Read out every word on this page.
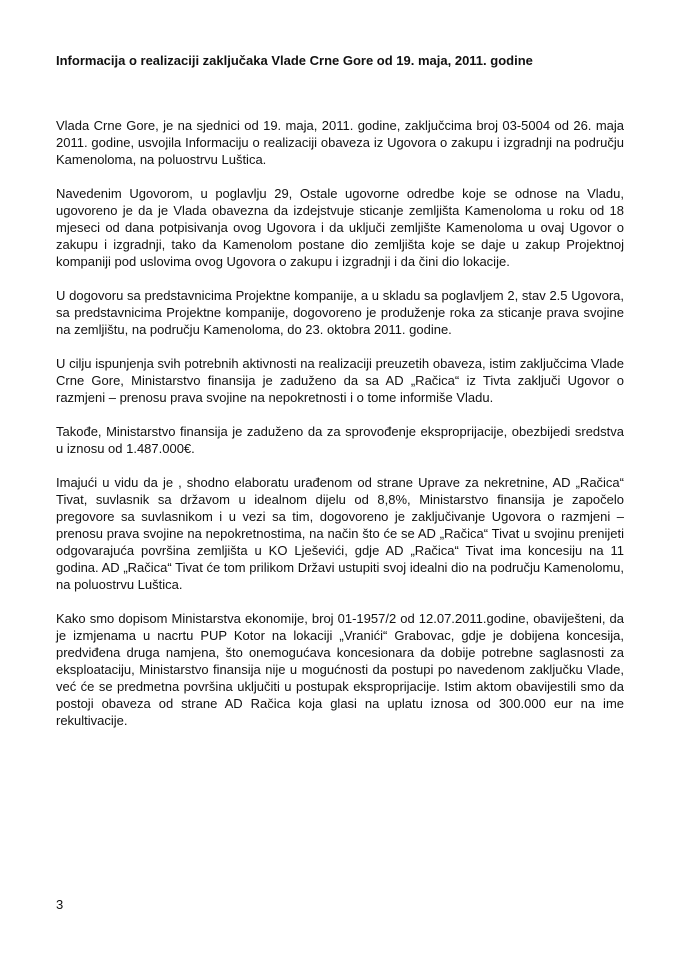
Informacija o realizaciji zaključaka Vlade Crne Gore od 19. maja, 2011. godine

Vlada Crne Gore, je na sjednici od 19. maja, 2011. godine, zaključcima broj 03-5004 od 26. maja 2011. godine, usvojila Informaciju o realizaciji obaveza iz Ugovora o zakupu i izgradnji na području Kamenoloma, na poluostrvu Luštica.

Navedenim Ugovorom, u poglavlju 29, Ostale ugovorne odredbe koje se odnose na Vladu, ugovoreno je da je Vlada obavezna da izdejstvuje sticanje zemljišta Kamenoloma u roku od 18 mjeseci od dana potpisivanja ovog Ugovora i da uključi zemljište Kamenoloma u ovaj Ugovor o zakupu i izgradnji, tako da Kamenolom postane dio zemljišta koje se daje u zakup Projektnoj kompaniji pod uslovima ovog Ugovora o zakupu i izgradnji i da čini dio lokacije.

U dogovoru sa predstavnicima Projektne kompanije, a u skladu sa poglavljem 2, stav 2.5 Ugovora, sa predstavnicima Projektne kompanije, dogovoreno je produženje roka za sticanje prava svojine na zemljištu, na području Kamenoloma, do 23. oktobra 2011. godine.

U cilju ispunjenja svih potrebnih aktivnosti na realizaciji preuzetih obaveza, istim zaključcima Vlade Crne Gore, Ministarstvo finansija je zaduženo da sa AD „Račica“ iz Tivta zaključi Ugovor o razmjeni – prenosu prava svojine na nepokretnosti i o tome informiše Vladu.

Takođe, Ministarstvo finansija je zaduženo da za sprovođenje eksproprijacije, obezbijedi sredstva u iznosu od 1.487.000€.

Imajući u vidu da je , shodno elaboratu urađenom od strane Uprave za nekretnine, AD „Račica“ Tivat, suvlasnik sa državom u idealnom dijelu od 8,8%, Ministarstvo finansija je započelo pregovore sa suvlasnikom i u vezi sa tim, dogovoreno je zaključivanje Ugovora o razmjeni – prenosu prava svojine na nepokretnostima, na način što će se AD „Račica“ Tivat u svojinu prenijeti odgovarajuća površina zemljišta u KO Lješevići, gdje AD „Račica“ Tivat ima koncesiju na 11 godina. AD „Račica“ Tivat će tom prilikom Državi ustupiti svoj idealni dio na području Kamenolomu, na poluostrvu Luštica.

Kako smo dopisom Ministarstva ekonomije, broj 01-1957/2 od 12.07.2011.godine, obaviješteni, da je izmjenama u nacrtu PUP Kotor na lokaciji „Vranići“ Grabovac, gdje je dobijena koncesija, predviđena druga namjena, što onemogućava koncesionara da dobije potrebne saglasnosti za eksploataciju, Ministarstvo finansija nije u mogućnosti da postupi po navedenom zaključku Vlade, već će se predmetna površina uključiti u postupak eksproprijacije. Istim aktom obavijestili smo da postoji obaveza od strane AD Račica koja glasi na uplatu iznosa od 300.000 eur na ime rekultivacije.

3
